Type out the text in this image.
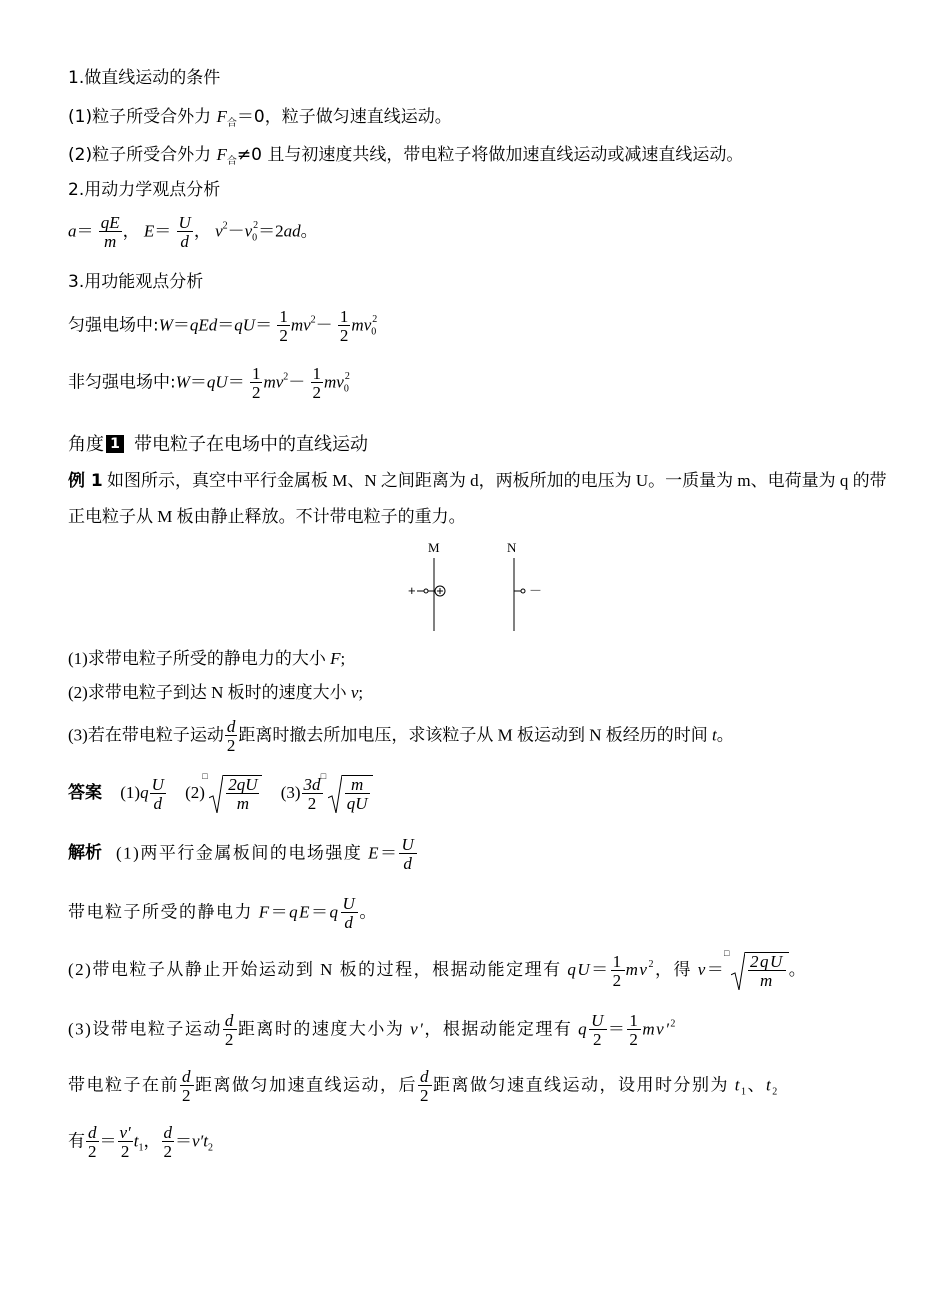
1.做直线运动的条件
(1)粒子所受合外力 $F_合=0$，粒子做匀速直线运动。
(2)粒子所受合外力 $F_合\ne 0$ 且与初速度共线，带电粒子将做加速直线运动或减速直线运动。
2.用动力学观点分析
$a= \frac{qE}{m}$ ， $E= \frac{U}{d}$ ， $v^2-v_0^2=2ad$。
3.用功能观点分析
匀强电场中:W＝qEd＝qU＝ $\frac{1}{2} mv^2- \frac{1}{2} mv_0^2$
非匀强电场中:W＝qU＝ $\frac{1}{2} mv^2- \frac{1}{2} mv_0^2$
角度 1 带电粒子在电场中的直线运动
例 1 如图所示，真空中平行金属板 M、N 之间距离为 d，两板所加的电压为 U。一质量为 m、电荷量为 q 的带正电粒子从 M 板由静止释放。不计带电粒子的重力。
M	N
+	－
(1)求带电粒子所受的静电力的大小 F;
(2)求带电粒子到达 N 板时的速度大小 v;
(3)若在带电粒子运动 $\frac{d}{2}$ 距离时撤去所加电压，求该粒子从 M 板运动到 N 板经历的时间 t。
答案 $(1)q \frac{U}{d} (2)$
□ $\frac{2qU}{m} (3) \frac{3d}{2}$

□ $\frac{m}{qU}$
解析 (1)两平行金属板间的电场强度 $E= \frac{U}{d}$
带电粒子所受的静电力 $F=qE=q \frac{U}{d}$ 。
(2)带电粒子从静止开始运动到 N 板的过程，根据动能定理有 $qU= \frac{1}{2} mv^2$，得 v＝
□ $\frac{2qU}{m}$ 。
(3)设带电粒子运动 $\frac{d}{2}$ 距离时的速度大小为 v′，根据动能定理有 q $\frac{U}{2} = \frac{1}{2} mv'^2$
带电粒子在前 $\frac{d}{2}$ 距离做匀加速直线运动，后 $\frac{d}{2}$ 距离做匀速直线运动，设用时分别为 $t_1$、$t_2$
有 $\frac{d}{2} = \frac{v'}{2} t_1$， $\frac{d}{2} =v't_2$
